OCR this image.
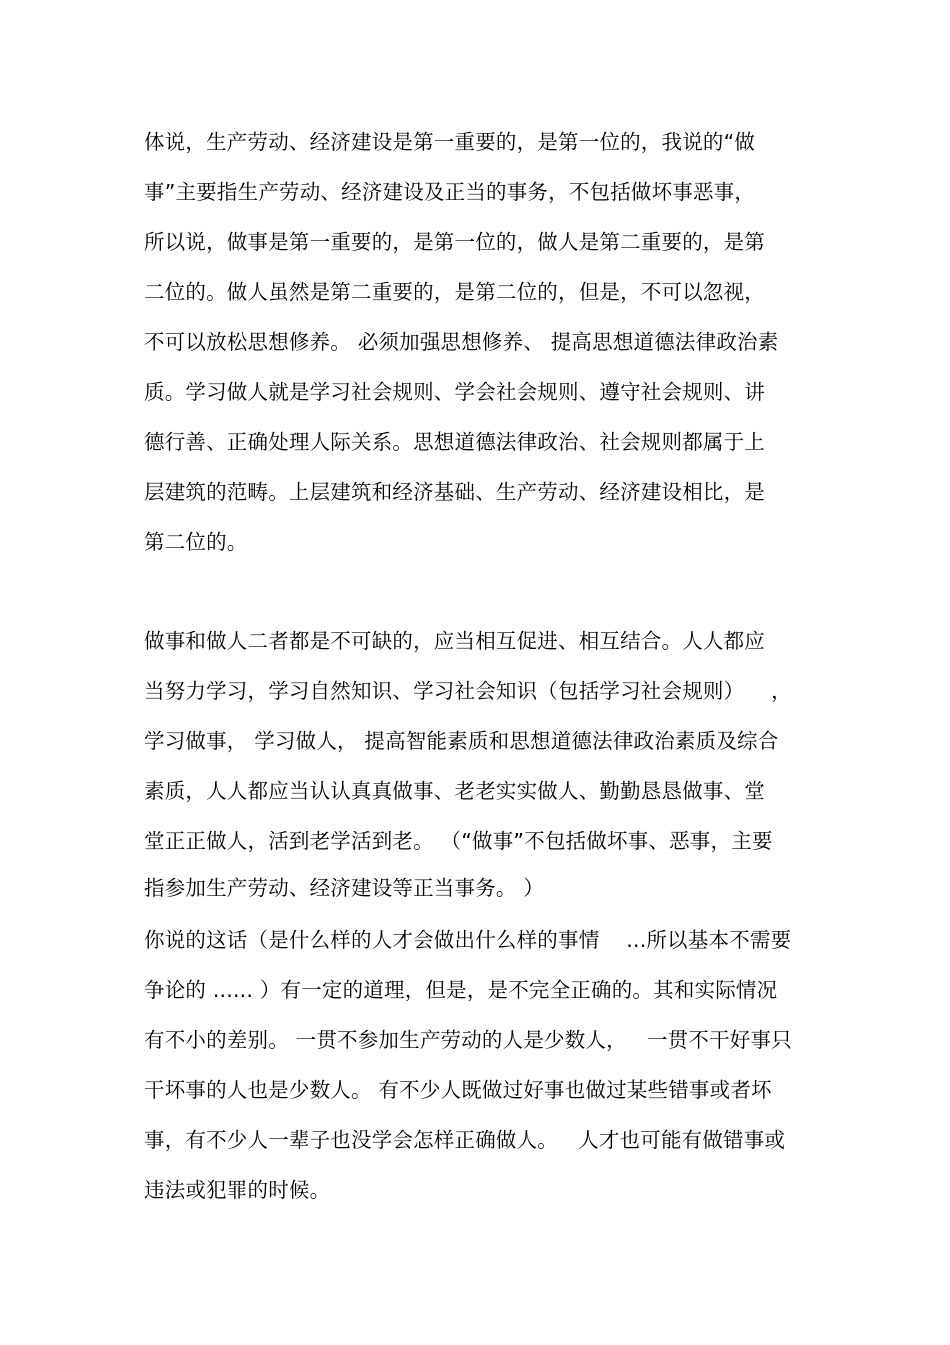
体说，生产劳动、经济建设是第一重要的，是第一位的，我说的“做

事”主要指生产劳动、经济建设及正当的事务，不包括做坏事恶事，

所以说，做事是第一重要的，是第一位的，做人是第二重要的，是第

二位的。做人虽然是第二重要的，是第二位的，但是，不可以忽视，

不可以放松思想修养。 必须加强思想修养、 提高思想道德法律政治素

质。学习做人就是学习社会规则、学会社会规则、遵守社会规则、讲

德行善、正确处理人际关系。思想道德法律政治、社会规则都属于上

层建筑的范畴。上层建筑和经济基础、生产劳动、经济建设相比，是

第二位的。

做事和做人二者都是不可缺的，应当相互促进、相互结合。人人都应

当努力学习，学习自然知识、学习社会知识（包括学习社会规则）    ，

学习做事， 学习做人， 提高智能素质和思想道德法律政治素质及综合

素质，人人都应当认认真真做事、老老实实做人、勤勤恳恳做事、堂

堂正正做人，活到老学活到老。 （“做事”不包括做坏事、恶事，主要

指参加生产劳动、经济建设等正当事务。 ）

你说的这话（是什么样的人才会做出什么样的事情    ...所以基本不需要

争论的 ...... ）有一定的道理，但是，是不完全正确的。其和实际情况

有不小的差别。 一贯不参加生产劳动的人是少数人，   一贯不干好事只

干坏事的人也是少数人。 有不少人既做过好事也做过某些错事或者坏

事，有不少人一辈子也没学会怎样正确做人。   人才也可能有做错事或

违法或犯罪的时候。
